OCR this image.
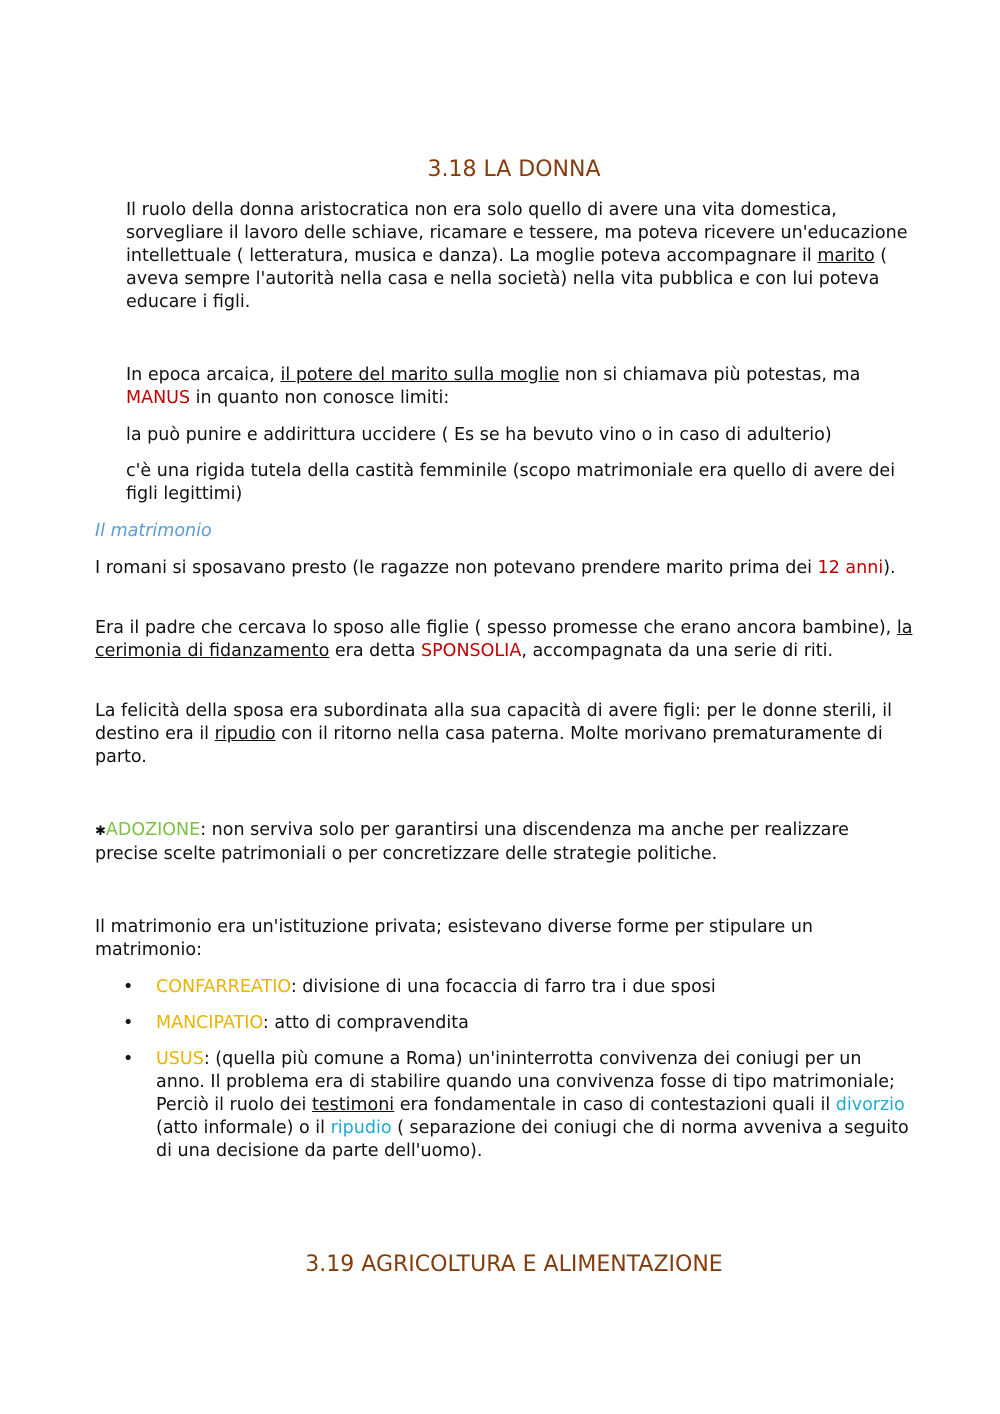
3.18 LA DONNA

Il ruolo della donna aristocratica non era solo quello di avere una vita domestica, sorvegliare il lavoro delle schiave, ricamare e tessere, ma poteva ricevere un'educazione intellettuale ( letteratura, musica e danza). La moglie poteva accompagnare il marito ( aveva sempre l'autorità nella casa e nella società) nella vita pubblica e con lui poteva educare i figli.

In epoca arcaica, il potere del marito sulla moglie non si chiamava più potestas, ma MANUS in quanto non conosce limiti:

la può punire e addirittura uccidere ( Es se ha bevuto vino o in caso di adulterio)

c'è una rigida tutela della castità femminile (scopo matrimoniale era quello di avere dei figli legittimi)

Il matrimonio

I romani si sposavano presto (le ragazze non potevano prendere marito prima dei 12 anni).

Era il padre che cercava lo sposo alle figlie ( spesso promesse che erano ancora bambine), la cerimonia di fidanzamento era detta SPONSOLIA, accompagnata da una serie di riti.

La felicità della sposa era subordinata alla sua capacità di avere figli: per le donne sterili, il destino era il ripudio con il ritorno nella casa paterna. Molte morivano prematuramente di parto.

✱ADOZIONE: non serviva solo per garantirsi una discendenza ma anche per realizzare precise scelte patrimoniali o per concretizzare delle strategie politiche.

Il matrimonio era un'istituzione privata; esistevano diverse forme per stipulare un matrimonio:

• CONFARREATIO: divisione di una focaccia di farro tra i due sposi
• MANCIPATIO: atto di compravendita
• USUS: (quella più comune a Roma) un'ininterrotta convivenza dei coniugi per un anno. Il problema era di stabilire quando una convivenza fosse di tipo matrimoniale; Perciò il ruolo dei testimoni era fondamentale in caso di contestazioni quali il divorzio (atto informale) o il ripudio ( separazione dei coniugi che di norma avveniva a seguito di una decisione da parte dell'uomo).
3.19 AGRICOLTURA E ALIMENTAZIONE
